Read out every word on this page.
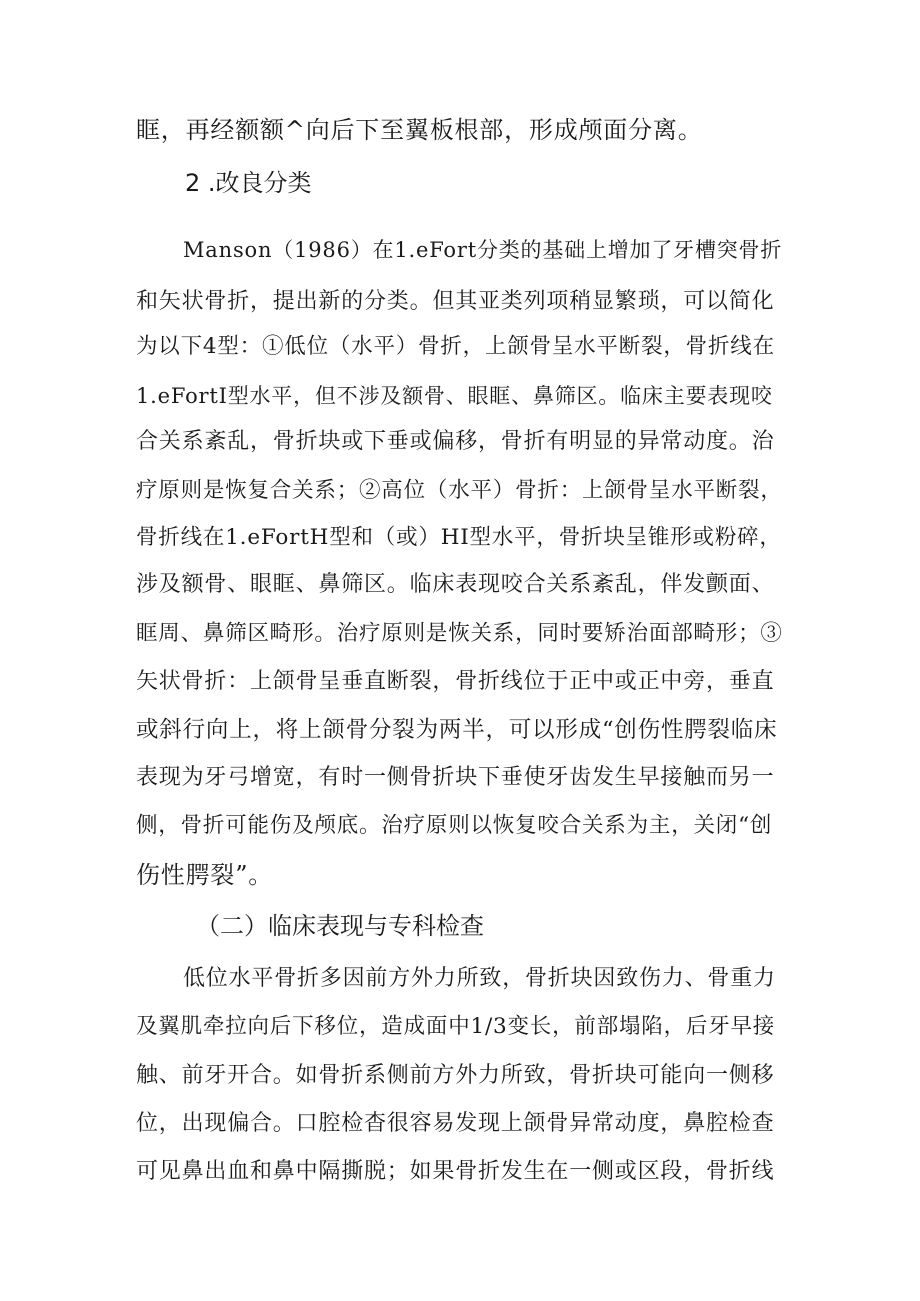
眶，再经额额^向后下至翼板根部，形成颅面分离。
2 .改良分类
Manson（1986）在1.eFort分类的基础上增加了牙槽突骨折
和矢状骨折，提出新的分类。但其亚类列项稍显繁琐，可以简化
为以下4型：①低位（水平）骨折，上颌骨呈水平断裂，骨折线在
1.eFortI型水平，但不涉及额骨、眼眶、鼻筛区。临床主要表现咬
合关系紊乱，骨折块或下垂或偏移，骨折有明显的异常动度。治
疗原则是恢复合关系；②高位（水平）骨折：上颌骨呈水平断裂，
骨折线在1.eFortH型和（或）HI型水平，骨折块呈锥形或粉碎，
涉及额骨、眼眶、鼻筛区。临床表现咬合关系紊乱，伴发颤面、
眶周、鼻筛区畸形。治疗原则是恢关系，同时要矫治面部畸形；③
矢状骨折：上颌骨呈垂直断裂，骨折线位于正中或正中旁，垂直
或斜行向上，将上颌骨分裂为两半，可以形成“创伤性腭裂临床
表现为牙弓增宽，有时一侧骨折块下垂使牙齿发生早接触而另一
侧，骨折可能伤及颅底。治疗原则以恢复咬合关系为主，关闭“创
伤性腭裂”。
（二）临床表现与专科检查
低位水平骨折多因前方外力所致，骨折块因致伤力、骨重力
及翼肌牵拉向后下移位，造成面中1/3变长，前部塌陷，后牙早接
触、前牙开合。如骨折系侧前方外力所致，骨折块可能向一侧移
位，出现偏合。口腔检杳很容易发现上颌骨异常动度，鼻腔检查
可见鼻出血和鼻中隔撕脱；如果骨折发生在一侧或区段，骨折线
